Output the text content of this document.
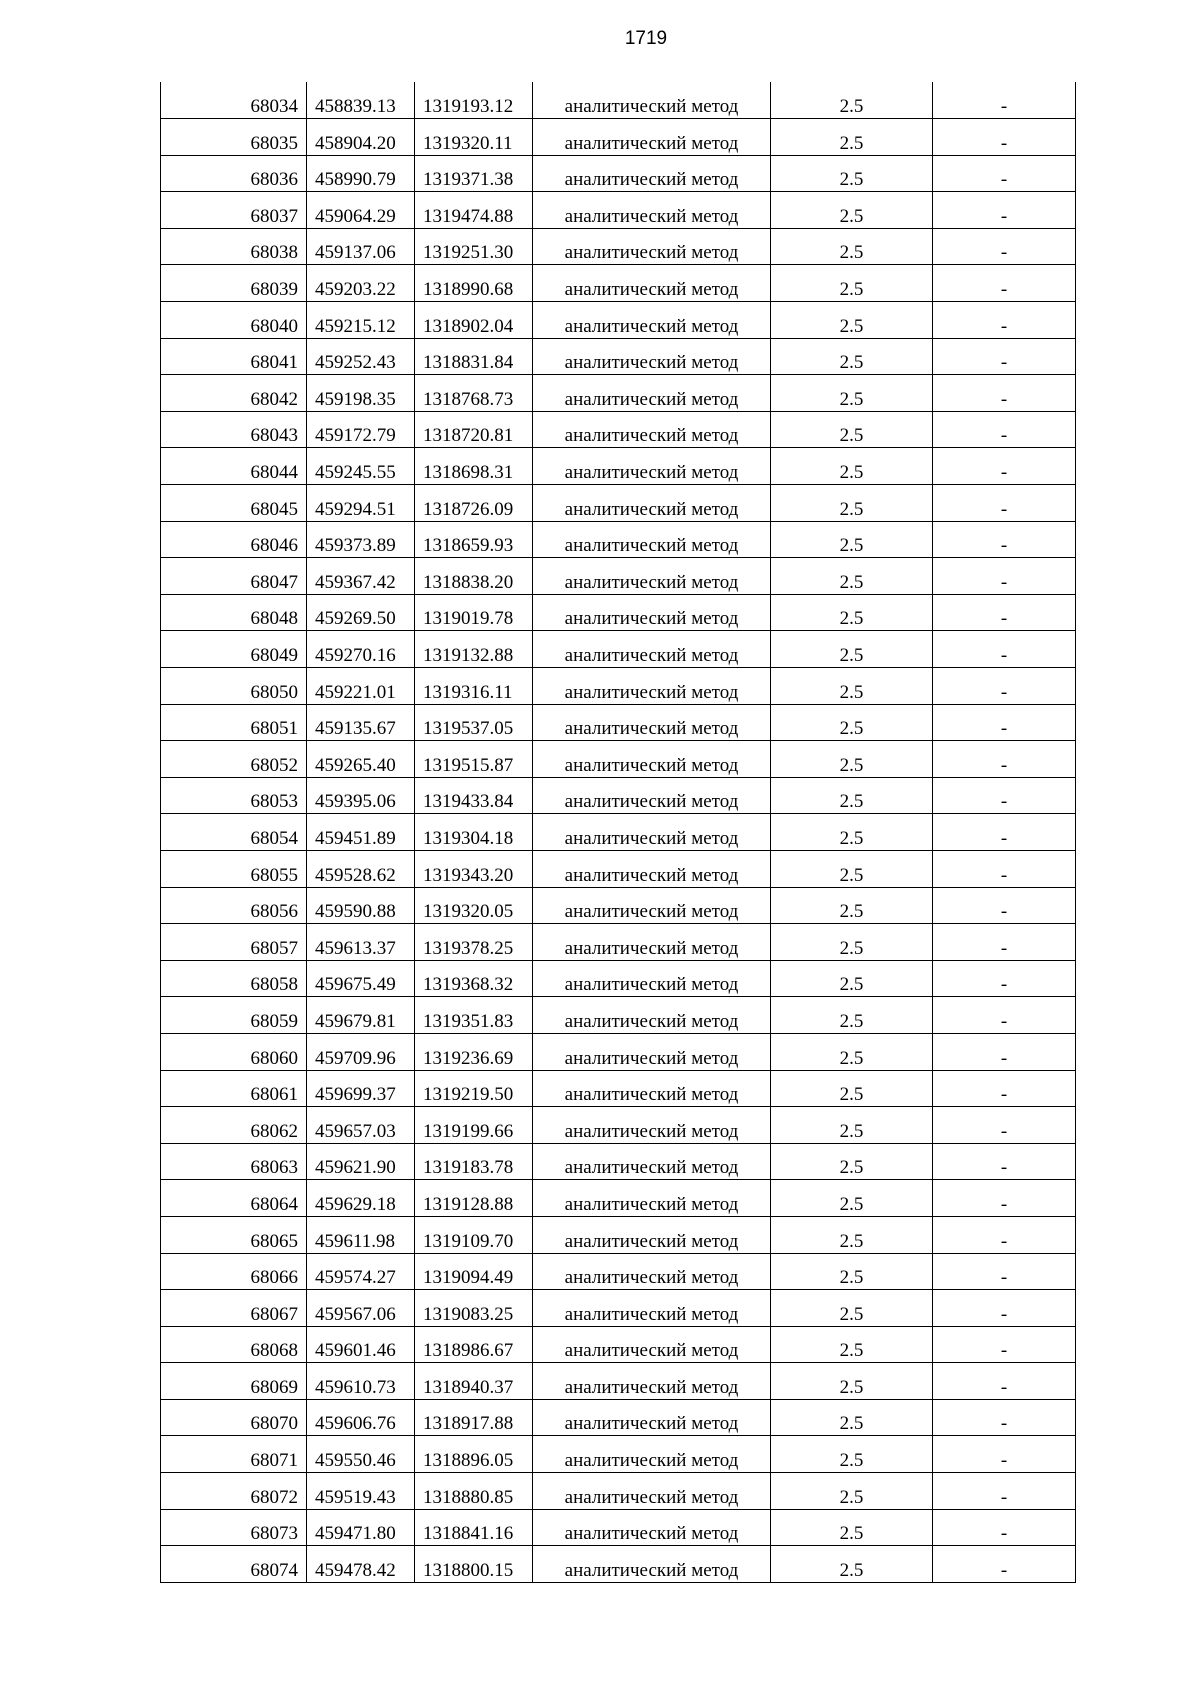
1719
68034	458839.13	1319193.12	аналитический метод	2.5	-
68035	458904.20	1319320.11	аналитический метод	2.5	-
68036	458990.79	1319371.38	аналитический метод	2.5	-
68037	459064.29	1319474.88	аналитический метод	2.5	-
68038	459137.06	1319251.30	аналитический метод	2.5	-
68039	459203.22	1318990.68	аналитический метод	2.5	-
68040	459215.12	1318902.04	аналитический метод	2.5	-
68041	459252.43	1318831.84	аналитический метод	2.5	-
68042	459198.35	1318768.73	аналитический метод	2.5	-
68043	459172.79	1318720.81	аналитический метод	2.5	-
68044	459245.55	1318698.31	аналитический метод	2.5	-
68045	459294.51	1318726.09	аналитический метод	2.5	-
68046	459373.89	1318659.93	аналитический метод	2.5	-
68047	459367.42	1318838.20	аналитический метод	2.5	-
68048	459269.50	1319019.78	аналитический метод	2.5	-
68049	459270.16	1319132.88	аналитический метод	2.5	-
68050	459221.01	1319316.11	аналитический метод	2.5	-
68051	459135.67	1319537.05	аналитический метод	2.5	-
68052	459265.40	1319515.87	аналитический метод	2.5	-
68053	459395.06	1319433.84	аналитический метод	2.5	-
68054	459451.89	1319304.18	аналитический метод	2.5	-
68055	459528.62	1319343.20	аналитический метод	2.5	-
68056	459590.88	1319320.05	аналитический метод	2.5	-
68057	459613.37	1319378.25	аналитический метод	2.5	-
68058	459675.49	1319368.32	аналитический метод	2.5	-
68059	459679.81	1319351.83	аналитический метод	2.5	-
68060	459709.96	1319236.69	аналитический метод	2.5	-
68061	459699.37	1319219.50	аналитический метод	2.5	-
68062	459657.03	1319199.66	аналитический метод	2.5	-
68063	459621.90	1319183.78	аналитический метод	2.5	-
68064	459629.18	1319128.88	аналитический метод	2.5	-
68065	459611.98	1319109.70	аналитический метод	2.5	-
68066	459574.27	1319094.49	аналитический метод	2.5	-
68067	459567.06	1319083.25	аналитический метод	2.5	-
68068	459601.46	1318986.67	аналитический метод	2.5	-
68069	459610.73	1318940.37	аналитический метод	2.5	-
68070	459606.76	1318917.88	аналитический метод	2.5	-
68071	459550.46	1318896.05	аналитический метод	2.5	-
68072	459519.43	1318880.85	аналитический метод	2.5	-
68073	459471.80	1318841.16	аналитический метод	2.5	-
68074	459478.42	1318800.15	аналитический метод	2.5	-
